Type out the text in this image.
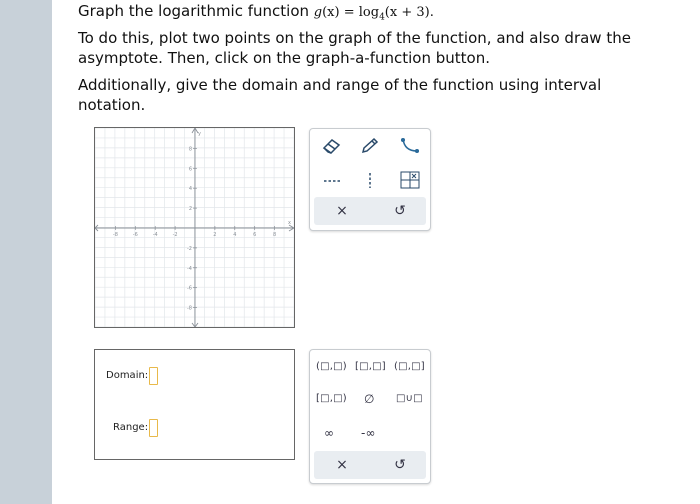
Graph the logarithmic function $g(x) = \log_4(x + 3)$.

To do this, plot two points on the graph of the function, and also draw the asymptote. Then, click on the graph-a-function button.

Additionally, give the domain and range of the function using interval notation.

x
y
-8	-6	-4	-2	2	4	6	8
8
6
4
2
-2
-4
-6
-8
×	↺
Domain:
Range:
(□,□) [□,□] (□,□]
[□,□) ∅ □∪□
∞ -∞
×	↺
